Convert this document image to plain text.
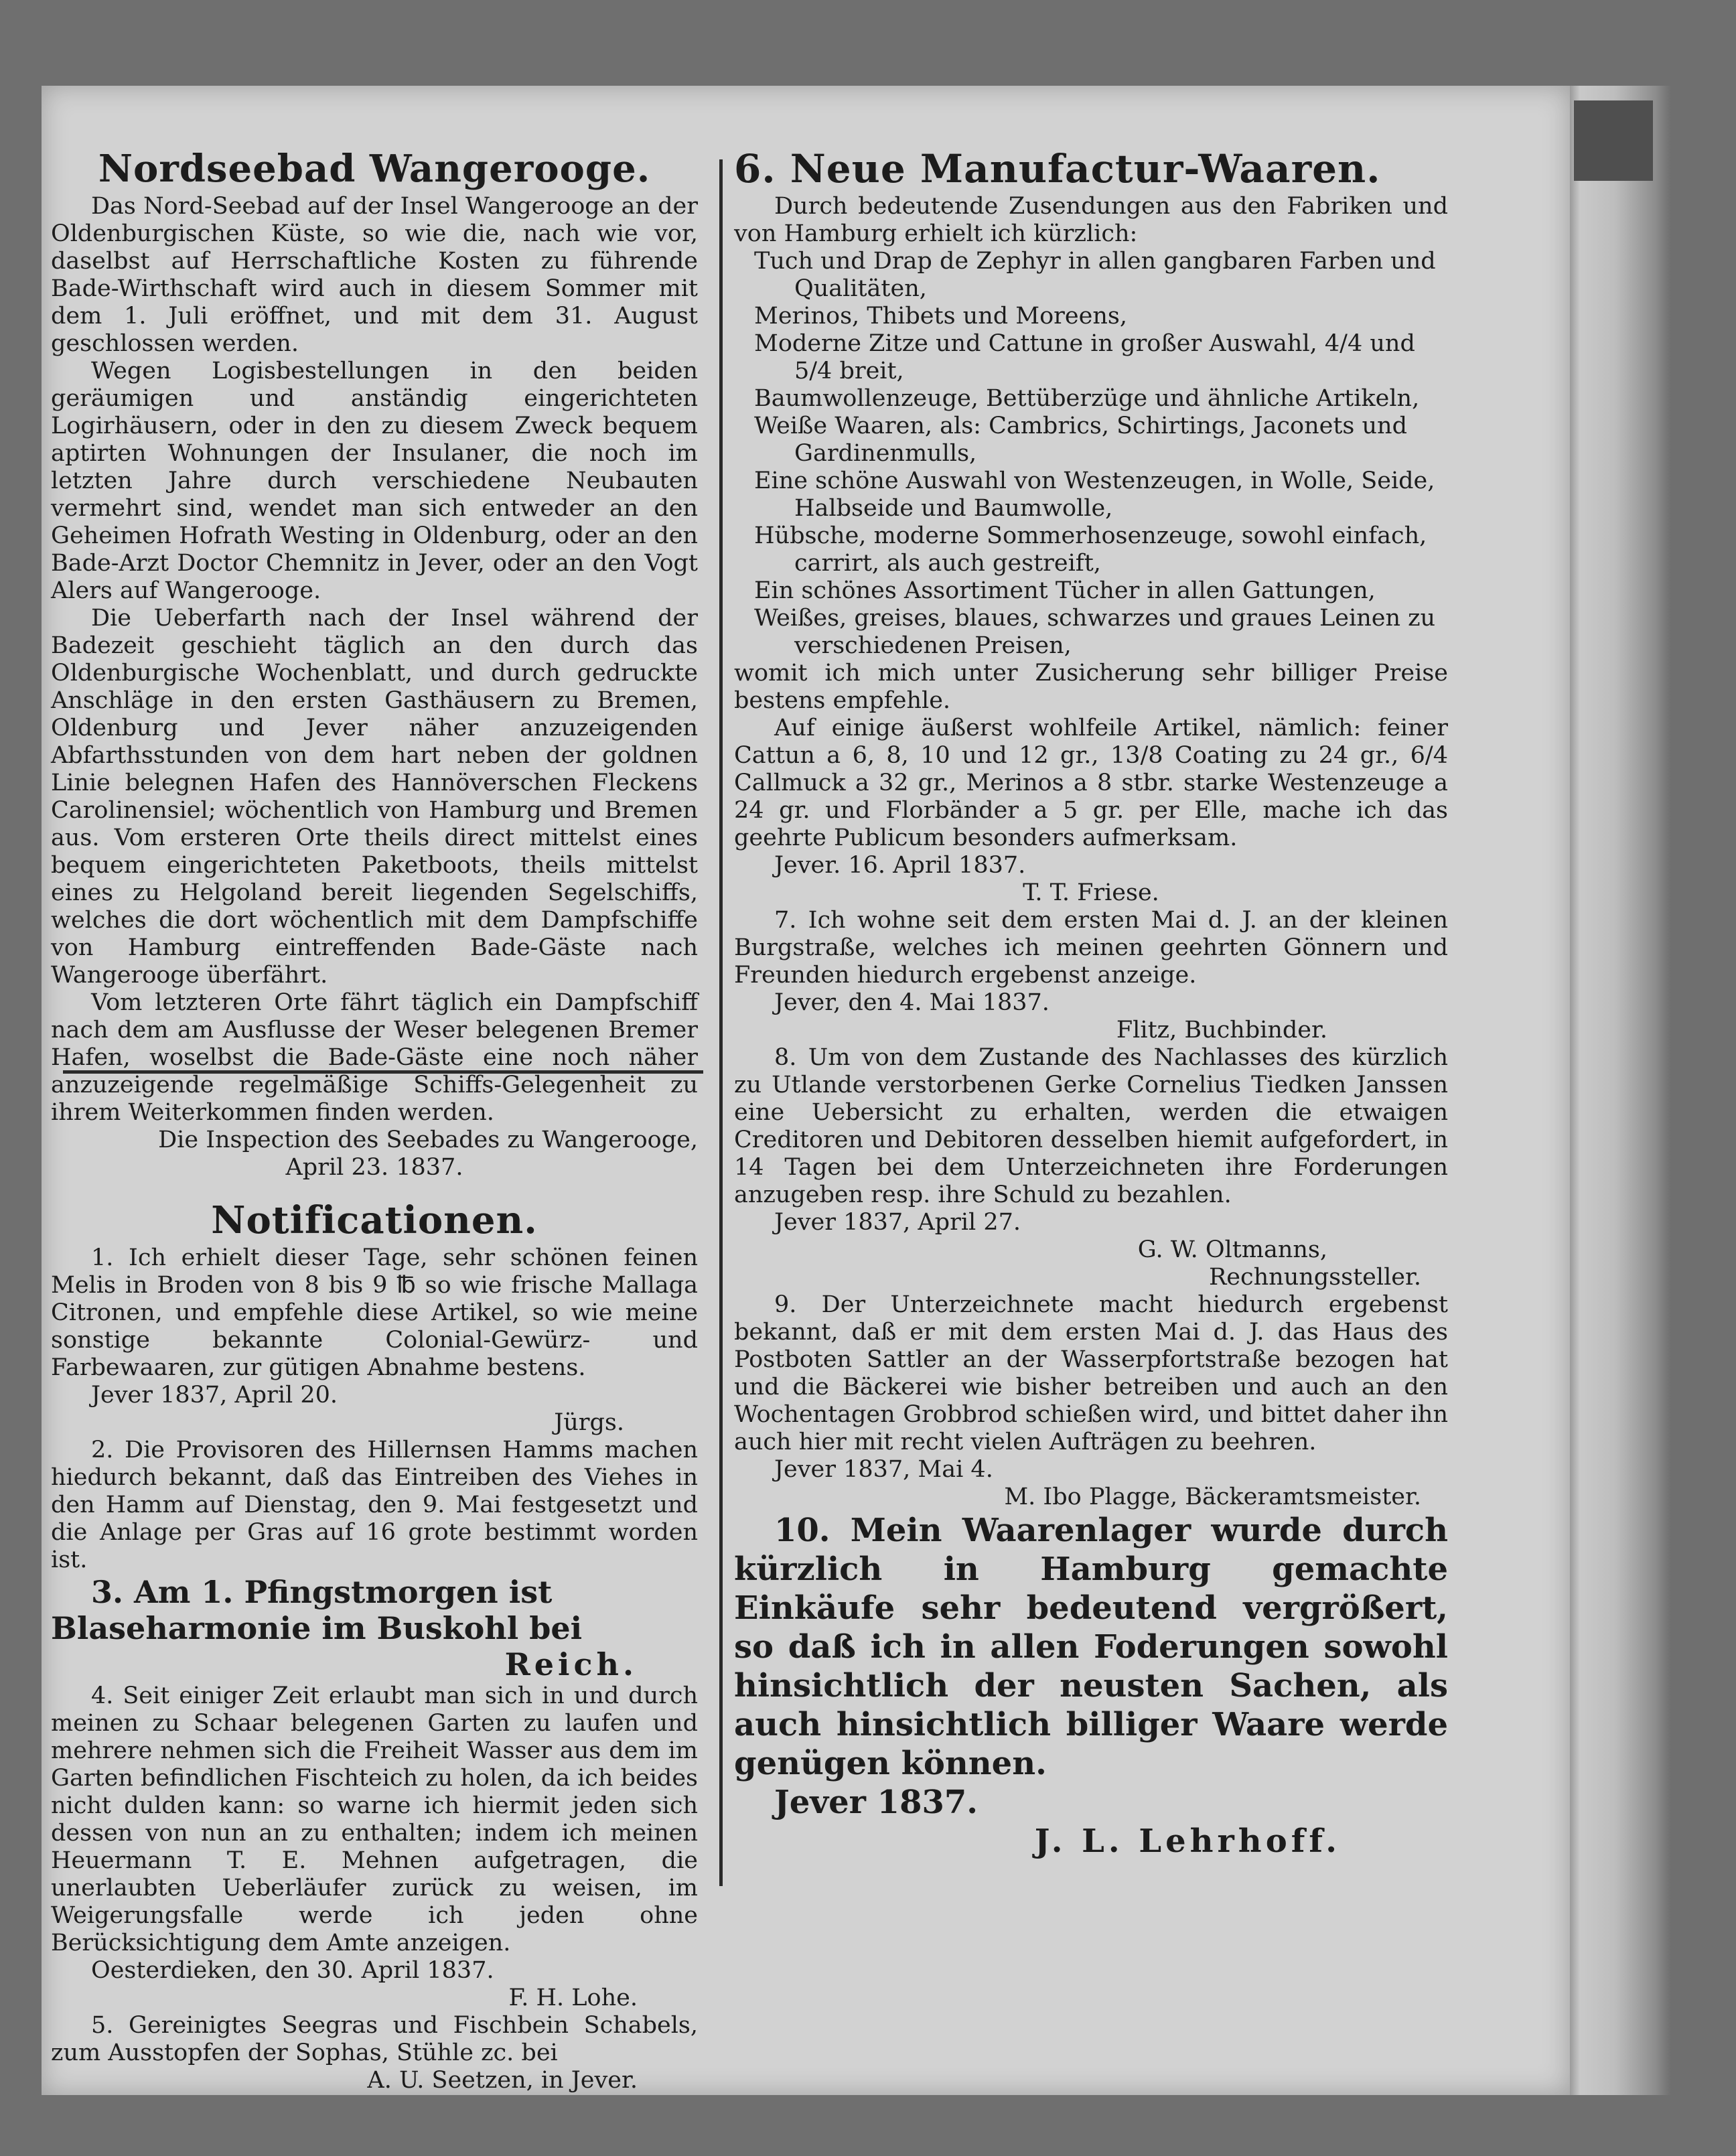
Nordseebad Wangerooge.

Das Nord-Seebad auf der Insel Wangerooge an der Oldenburgischen Küste, so wie die, nach wie vor, daselbst auf Herrschaftliche Kosten zu führende Bade-Wirthschaft wird auch in diesem Sommer mit dem 1. Juli eröffnet, und mit dem 31. August geschlossen werden.

Wegen Logisbestellungen in den beiden geräumigen und anständig eingerichteten Logirhäusern, oder in den zu diesem Zweck bequem aptirten Wohnungen der Insulaner, die noch im letzten Jahre durch verschiedene Neubauten vermehrt sind, wendet man sich entweder an den Geheimen Hofrath Westing in Oldenburg, oder an den Bade-Arzt Doctor Chemnitz in Jever, oder an den Vogt Alers auf Wangerooge.

Die Ueberfarth nach der Insel während der Badezeit geschieht täglich an den durch das Oldenburgische Wochenblatt, und durch gedruckte Anschläge in den ersten Gasthäusern zu Bremen, Oldenburg und Jever näher anzuzeigenden Abfarthsstunden von dem hart neben der goldnen Linie belegnen Hafen des Hannöverschen Fleckens Carolinensiel; wöchentlich von Hamburg und Bremen aus. Vom ersteren Orte theils direct mittelst eines bequem eingerichteten Paketboots, theils mittelst eines zu Helgoland bereit liegenden Segelschiffs, welches die dort wöchentlich mit dem Dampfschiffe von Hamburg eintreffenden Bade-Gäste nach Wangerooge überfährt.

Vom letzteren Orte fährt täglich ein Dampfschiff nach dem am Ausflusse der Weser belegenen Bremer Hafen, woselbst die Bade-Gäste eine noch näher anzuzeigende regelmäßige Schiffs-Gelegenheit zu ihrem Weiterkommen finden werden.

Die Inspection des Seebades zu Wangerooge,

April 23. 1837.

Notificationen.

1. Ich erhielt dieser Tage, sehr schönen feinen Melis in Broden von 8 bis 9 ℔ so wie frische Mallaga Citronen, und empfehle diese Artikel, so wie meine sonstige bekannte Colonial-Gewürz- und Farbewaaren, zur gütigen Abnahme bestens.

Jever 1837, April 20.

Jürgs.

2. Die Provisoren des Hillernsen Hamms machen hiedurch bekannt, daß das Eintreiben des Viehes in den Hamm auf Dienstag, den 9. Mai festgesetzt und die Anlage per Gras auf 16 grote bestimmt worden ist.

3. Am 1. Pfingstmorgen ist Blaseharmonie im Buskohl bei

Reich.

4. Seit einiger Zeit erlaubt man sich in und durch meinen zu Schaar belegenen Garten zu laufen und mehrere nehmen sich die Freiheit Wasser aus dem im Garten befindlichen Fischteich zu holen, da ich beides nicht dulden kann: so warne ich hiermit jeden sich dessen von nun an zu enthalten; indem ich meinen Heuermann T. E. Mehnen aufgetragen, die unerlaubten Ueberläufer zurück zu weisen, im Weigerungsfalle werde ich jeden ohne Berücksichtigung dem Amte anzeigen.

Oesterdieken, den 30. April 1837.

F. H. Lohe.

5. Gereinigtes Seegras und Fischbein Schabels, zum Ausstopfen der Sophas, Stühle zc. bei

A. U. Seetzen, in Jever.

6. Neue Manufactur-Waaren.

Durch bedeutende Zusendungen aus den Fabriken und von Hamburg erhielt ich kürzlich:

Tuch und Drap de Zephyr in allen gangbaren Farben und Qualitäten,

Merinos, Thibets und Moreens,

Moderne Zitze und Cattune in großer Auswahl, 4/4 und 5/4 breit,

Baumwollenzeuge, Bettüberzüge und ähnliche Artikeln,

Weiße Waaren, als: Cambrics, Schirtings, Jaconets und Gardinenmulls,

Eine schöne Auswahl von Westenzeugen, in Wolle, Seide, Halbseide und Baumwolle,

Hübsche, moderne Sommerhosenzeuge, sowohl einfach, carrirt, als auch gestreift,

Ein schönes Assortiment Tücher in allen Gattungen,

Weißes, greises, blaues, schwarzes und graues Leinen zu verschiedenen Preisen,

womit ich mich unter Zusicherung sehr billiger Preise bestens empfehle.

Auf einige äußerst wohlfeile Artikel, nämlich: feiner Cattun a 6, 8, 10 und 12 gr., 13/8 Coating zu 24 gr., 6/4 Callmuck a 32 gr., Merinos a 8 stbr. starke Westenzeuge a 24 gr. und Florbänder a 5 gr. per Elle, mache ich das geehrte Publicum besonders aufmerksam.

Jever. 16. April 1837.

T. T. Friese.

7. Ich wohne seit dem ersten Mai d. J. an der kleinen Burgstraße, welches ich meinen geehrten Gönnern und Freunden hiedurch ergebenst anzeige.

Jever, den 4. Mai 1837.

Flitz, Buchbinder.

8. Um von dem Zustande des Nachlasses des kürzlich zu Utlande verstorbenen Gerke Cornelius Tiedken Janssen eine Uebersicht zu erhalten, werden die etwaigen Creditoren und Debitoren desselben hiemit aufgefordert, in 14 Tagen bei dem Unterzeichneten ihre Forderungen anzugeben resp. ihre Schuld zu bezahlen.

Jever 1837, April 27.

G. W. Oltmanns,

Rechnungssteller.

9. Der Unterzeichnete macht hiedurch ergebenst bekannt, daß er mit dem ersten Mai d. J. das Haus des Postboten Sattler an der Wasserpfortstraße bezogen hat und die Bäckerei wie bisher betreiben und auch an den Wochentagen Grobbrod schießen wird, und bittet daher ihn auch hier mit recht vielen Aufträgen zu beehren.

Jever 1837, Mai 4.

M. Ibo Plagge, Bäckeramtsmeister.

10. Mein Waarenlager wurde durch kürzlich in Hamburg gemachte Einkäufe sehr bedeutend vergrößert, so daß ich in allen Foderungen sowohl hinsichtlich der neusten Sachen, als auch hinsichtlich billiger Waare werde genügen können.

Jever 1837.

J. L. Lehrhoff.
